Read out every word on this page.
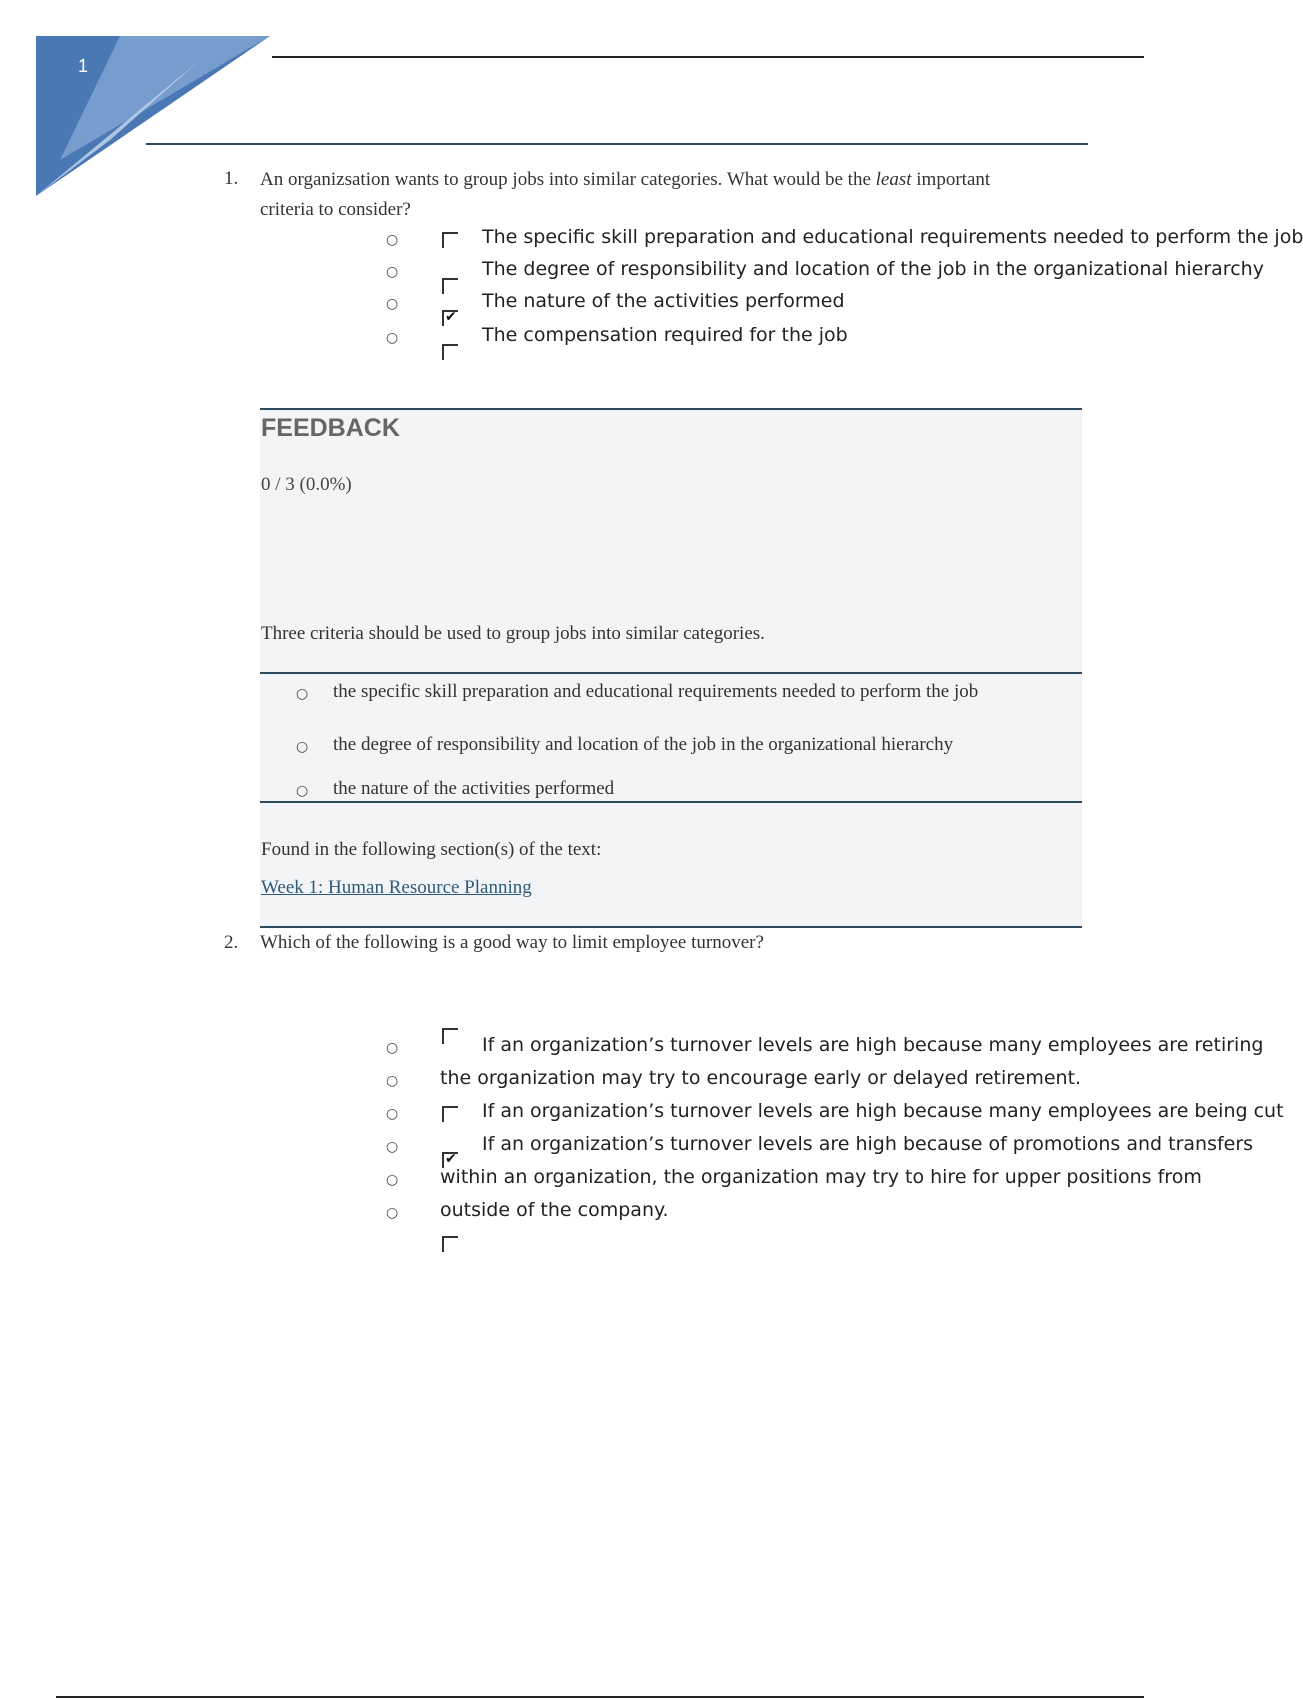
1
1. An organizsation wants to group jobs into similar categories. What would be the least important
criteria to consider?
○
○
○
○
✔
The specific skill preparation and educational requirements needed to perform the job
The degree of responsibility and location of the job in the organizational hierarchy
The nature of the activities performed
The compensation required for the job
FEEDBACK
0 / 3 (0.0%)
Three criteria should be used to group jobs into similar categories.
○ the specific skill preparation and educational requirements needed to perform the job
○ the degree of responsibility and location of the job in the organizational hierarchy
○ the nature of the activities performed
Found in the following section(s) of the text:
Week 1: Human Resource Planning
2. Which of the following is a good way to limit employee turnover?
○
○
○
○
○
○
✔
If an organization’s turnover levels are high because many employees are retiring
the organization may try to encourage early or delayed retirement.
If an organization’s turnover levels are high because many employees are being cut
If an organization’s turnover levels are high because of promotions and transfers
within an organization, the organization may try to hire for upper positions from
outside of the company.
